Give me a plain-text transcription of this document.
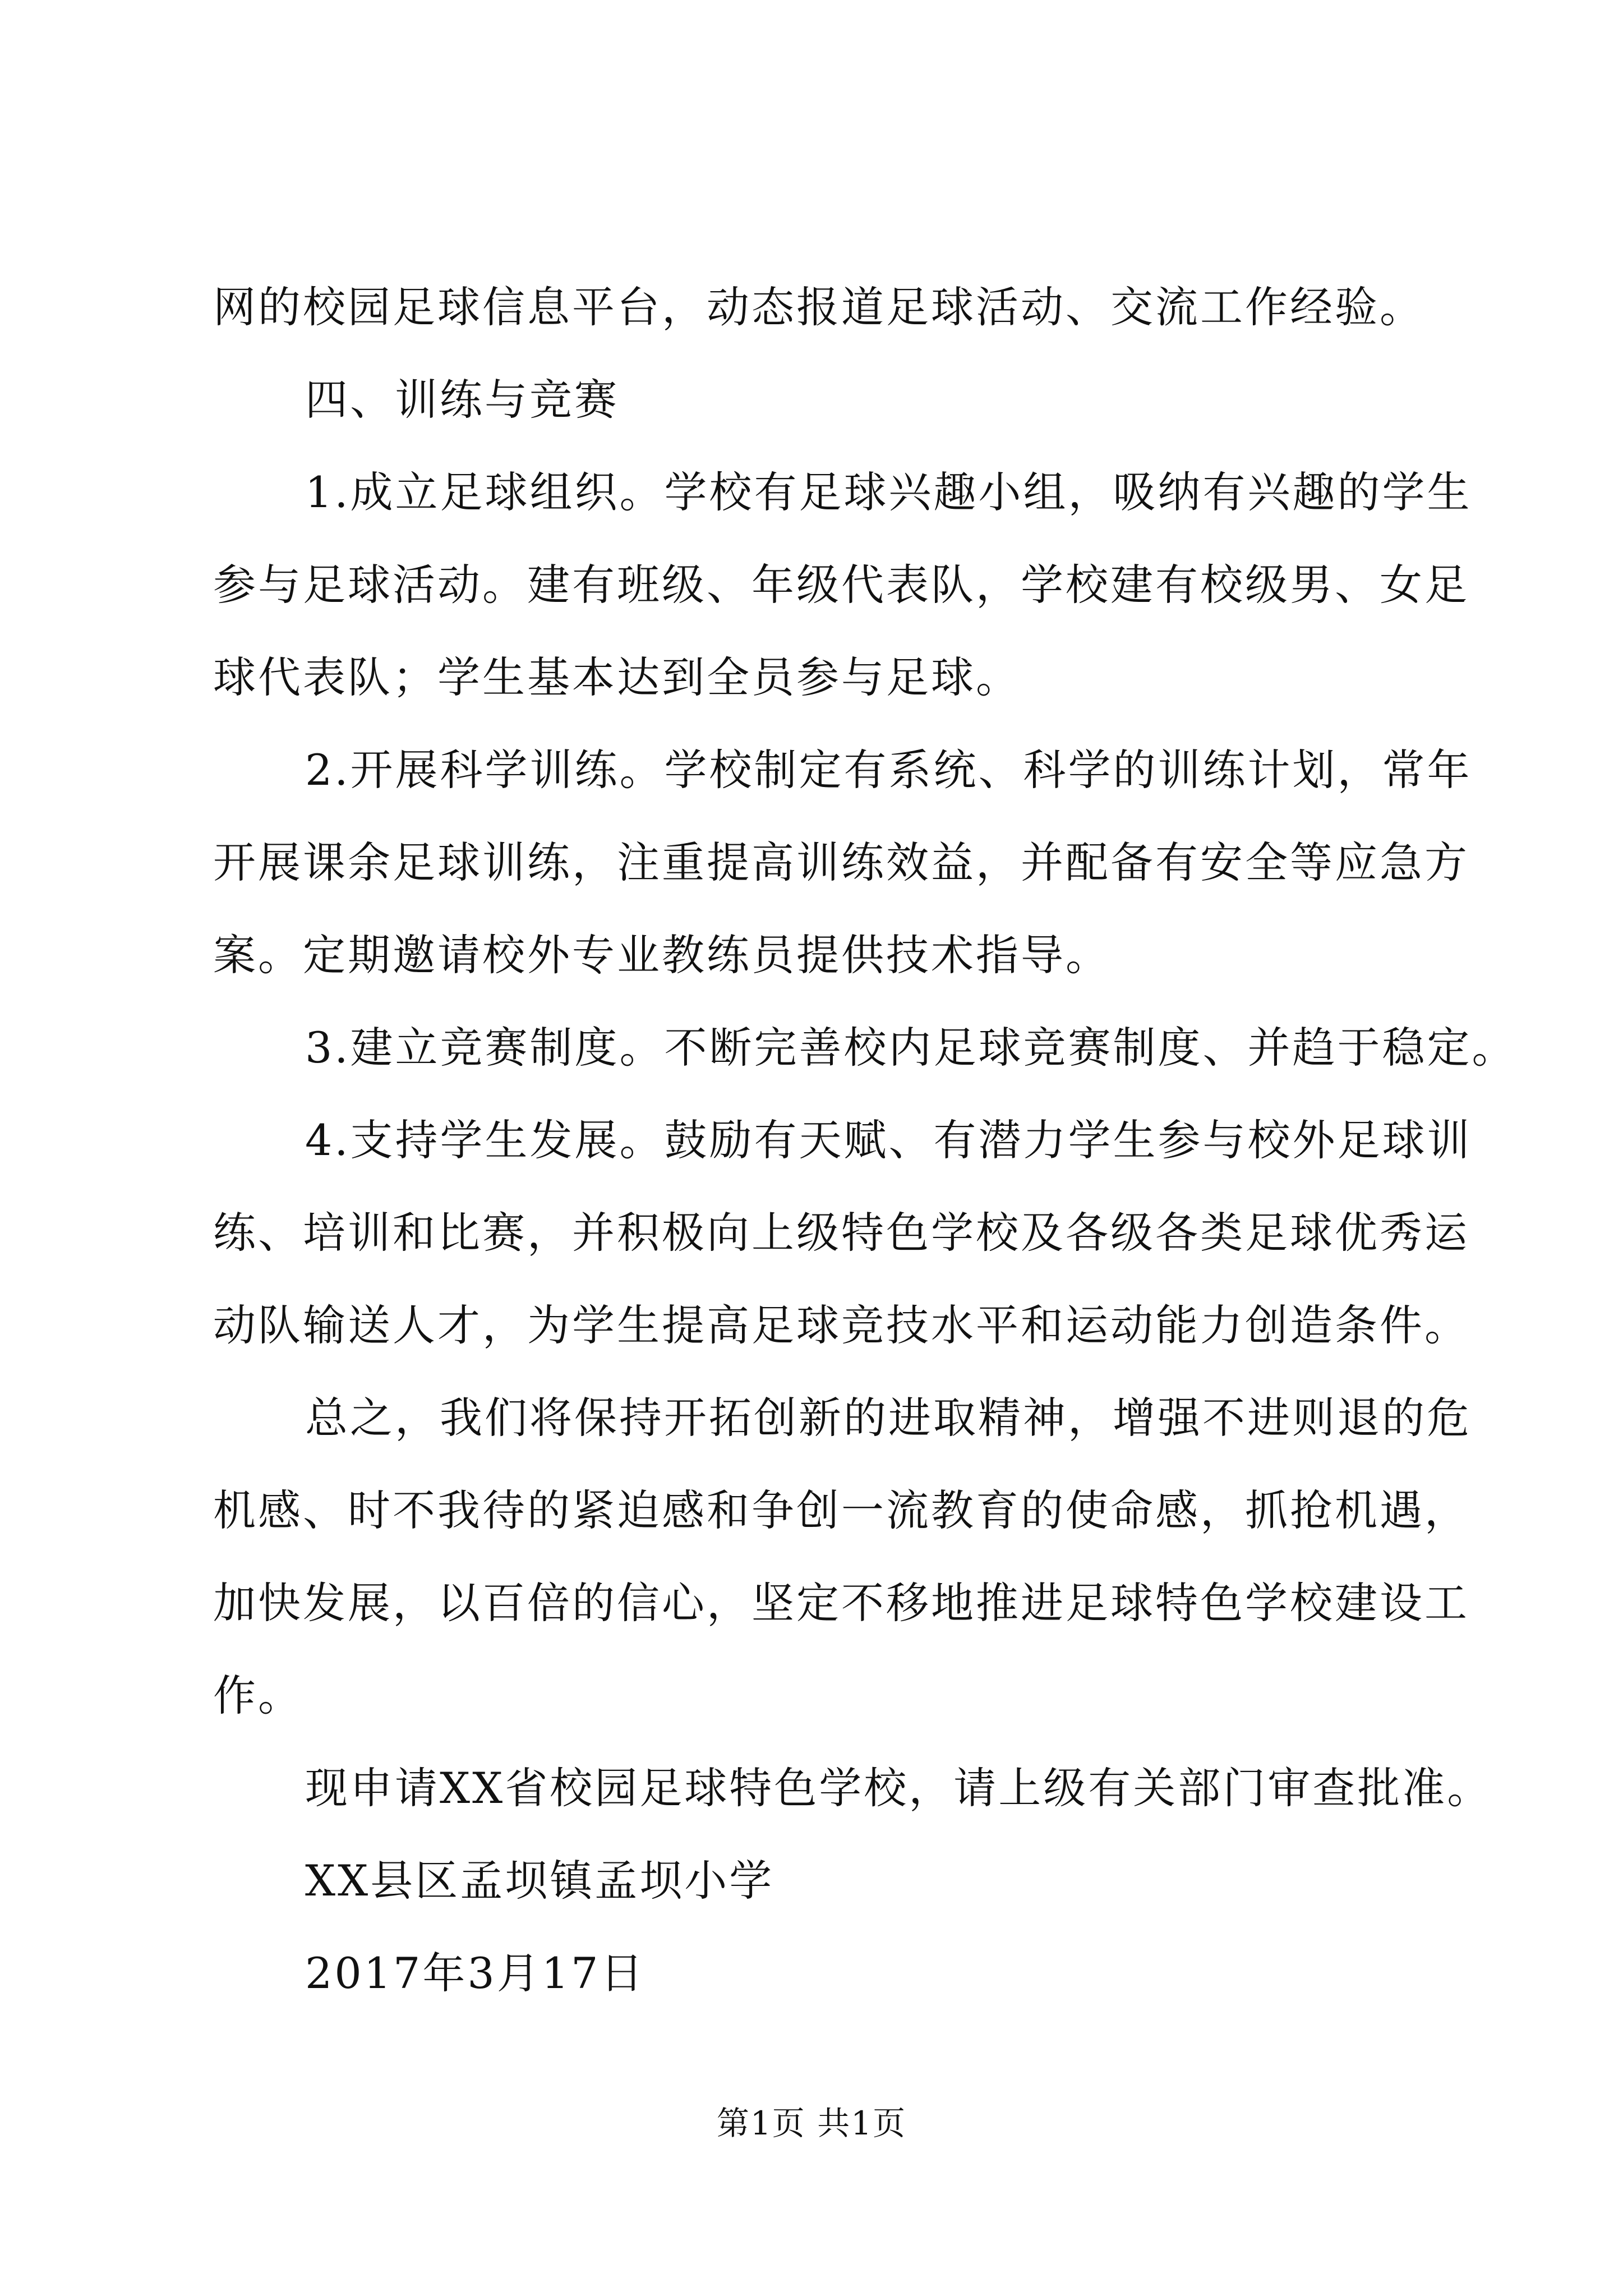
网的校园足球信息平台，动态报道足球活动、交流工作经验。
四、训练与竞赛
1.成立足球组织。学校有足球兴趣小组，吸纳有兴趣的学生
参与足球活动。建有班级、年级代表队，学校建有校级男、女足
球代表队；学生基本达到全员参与足球。
2.开展科学训练。学校制定有系统、科学的训练计划，常年
开展课余足球训练，注重提高训练效益，并配备有安全等应急方
案。定期邀请校外专业教练员提供技术指导。
3.建立竞赛制度。不断完善校内足球竞赛制度、并趋于稳定。
4.支持学生发展。鼓励有天赋、有潜力学生参与校外足球训
练、培训和比赛，并积极向上级特色学校及各级各类足球优秀运
动队输送人才，为学生提高足球竞技水平和运动能力创造条件。
总之，我们将保持开拓创新的进取精神，增强不进则退的危
机感、时不我待的紧迫感和争创一流教育的使命感，抓抢机遇，
加快发展，以百倍的信心，坚定不移地推进足球特色学校建设工
作。
现申请XX省校园足球特色学校，请上级有关部门审查批准。
XX县区孟坝镇孟坝小学
2017年3月17日
第1页 共1页
